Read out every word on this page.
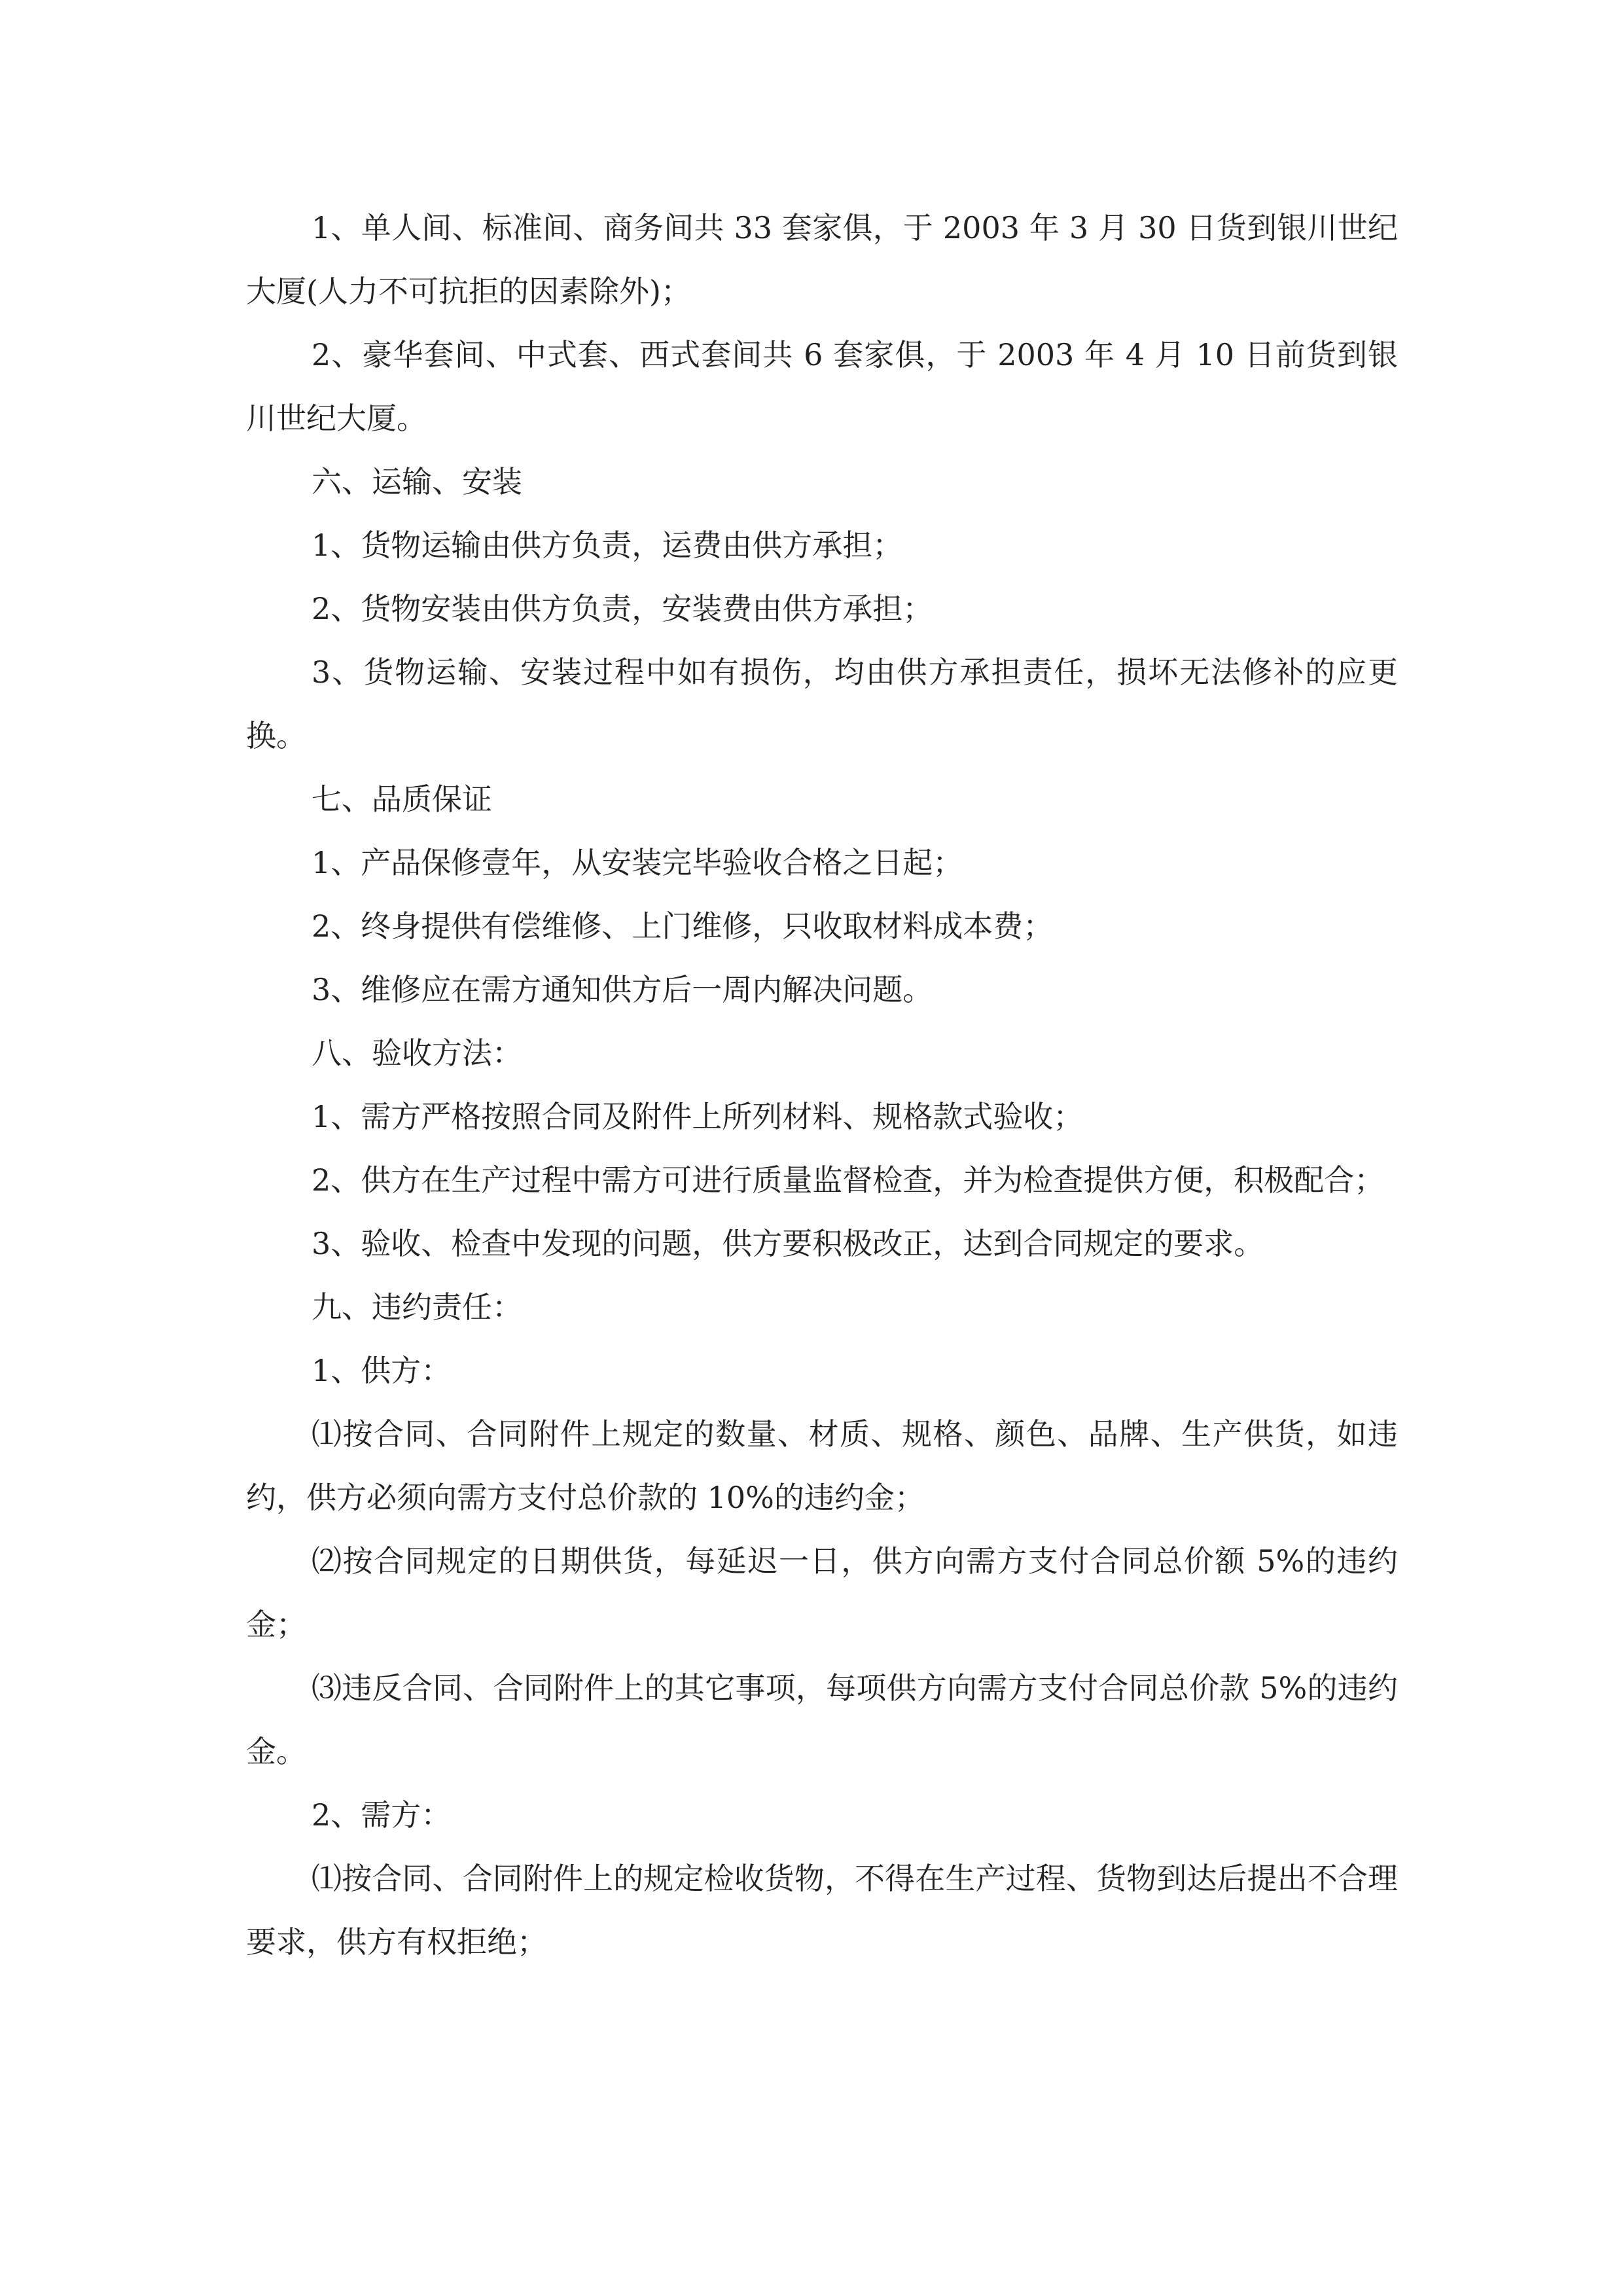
1、单人间、标准间、商务间共 33 套家俱，于 2003 年 3 月 30 日货到银川世纪大厦(人力不可抗拒的因素除外)；

2、豪华套间、中式套、西式套间共 6 套家俱，于 2003 年 4 月 10 日前货到银川世纪大厦。

六、运输、安装

1、货物运输由供方负责，运费由供方承担；

2、货物安装由供方负责，安装费由供方承担；

3、货物运输、安装过程中如有损伤，均由供方承担责任，损坏无法修补的应更换。

七、品质保证

1、产品保修壹年，从安装完毕验收合格之日起；

2、终身提供有偿维修、上门维修，只收取材料成本费；

3、维修应在需方通知供方后一周内解决问题。

八、验收方法：

1、需方严格按照合同及附件上所列材料、规格款式验收；

2、供方在生产过程中需方可进行质量监督检查，并为检查提供方便，积极配合；

3、验收、检查中发现的问题，供方要积极改正，达到合同规定的要求。

九、违约责任：

1、供方：

⑴按合同、合同附件上规定的数量、材质、规格、颜色、品牌、生产供货，如违约，供方必须向需方支付总价款的 10%的违约金；

⑵按合同规定的日期供货，每延迟一日，供方向需方支付合同总价额 5%的违约金；

⑶违反合同、合同附件上的其它事项，每项供方向需方支付合同总价款 5%的违约金。

2、需方：

⑴按合同、合同附件上的规定检收货物，不得在生产过程、货物到达后提出不合理要求，供方有权拒绝；
